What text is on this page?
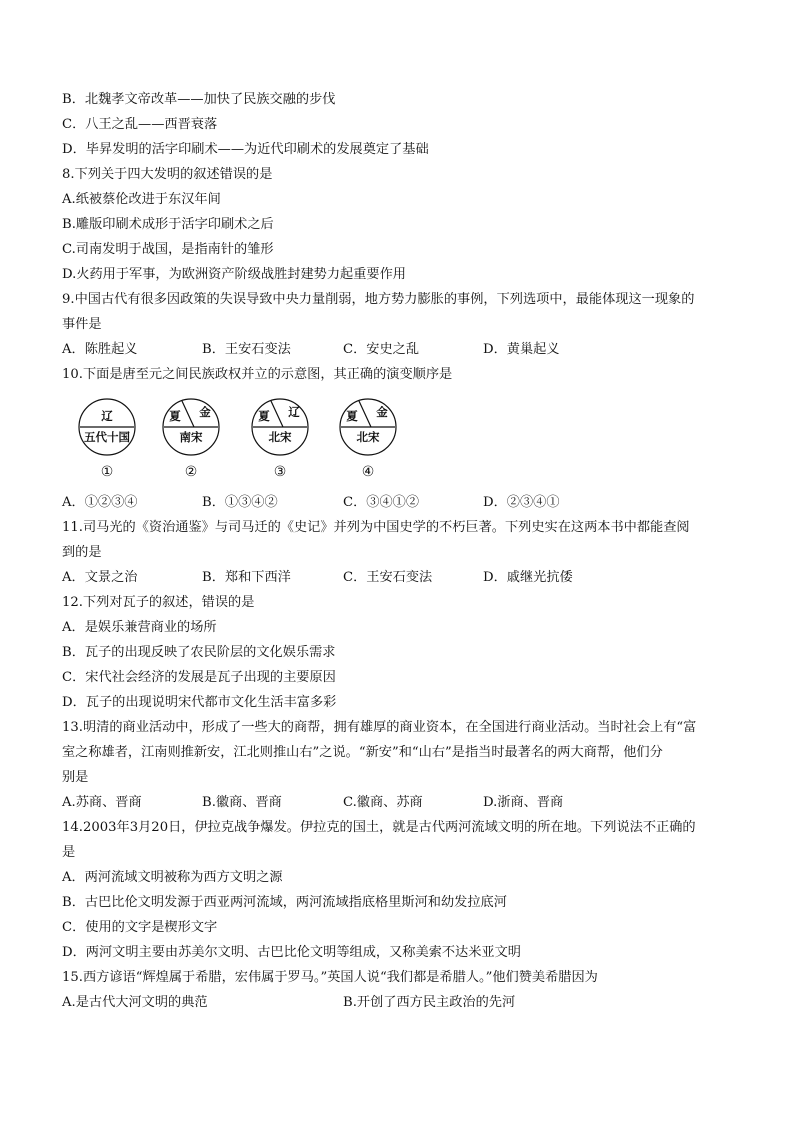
B．北魏孝文帝改革——加快了民族交融的步伐
C．八王之乱——西晋衰落
D．毕昇发明的活字印刷术——为近代印刷术的发展奠定了基础
8.下列关于四大发明的叙述错误的是
A.纸被蔡伦改进于东汉年间
B.雕版印刷术成形于活字印刷术之后
C.司南发明于战国，是指南针的雏形
D.火药用于军事，为欧洲资产阶级战胜封建势力起重要作用
9.中国古代有很多因政策的失误导致中央力量削弱，地方势力膨胀的事例，下列选项中，最能体现这一现象的
事件是
A．陈胜起义	B．王安石变法	C．安史之乱	D．黄巢起义
10.下面是唐至元之间民族政权并立的示意图，其正确的演变顺序是
辽
五代十国
①
夏 金
南宋
②
夏 辽
北宋
③
夏 金
北宋
④
A．①②③④	B．①③④②	C．③④①②	D．②③④①
11.司马光的《资治通鉴》与司马迁的《史记》并列为中国史学的不朽巨著。下列史实在这两本书中都能查阅
到的是
A．文景之治	B．郑和下西洋	C．王安石变法	D．戚继光抗倭
12.下列对瓦子的叙述，错误的是
A．是娱乐兼营商业的场所
B．瓦子的出现反映了农民阶层的文化娱乐需求
C．宋代社会经济的发展是瓦子出现的主要原因
D．瓦子的出现说明宋代都市文化生活丰富多彩
13.明清的商业活动中，形成了一些大的商帮，拥有雄厚的商业资本，在全国进行商业活动。当时社会上有“富
室之称雄者，江南则推新安，江北则推山右”之说。“新安”和“山右”是指当时最著名的两大商帮，他们分
别是
A.苏商、晋商	B.徽商、晋商	C.徽商、苏商	D.浙商、晋商
14.2003年3月20日，伊拉克战争爆发。伊拉克的国土，就是古代两河流域文明的所在地。下列说法不正确的
是
A．两河流域文明被称为西方文明之源
B．古巴比伦文明发源于西亚两河流域，两河流域指底格里斯河和幼发拉底河
C．使用的文字是楔形文字
D．两河文明主要由苏美尔文明、古巴比伦文明等组成，又称美索不达米亚文明
15.西方谚语“辉煌属于希腊，宏伟属于罗马。”英国人说“我们都是希腊人。”他们赞美希腊因为
A.是古代大河文明的典范	B.开创了西方民主政治的先河
